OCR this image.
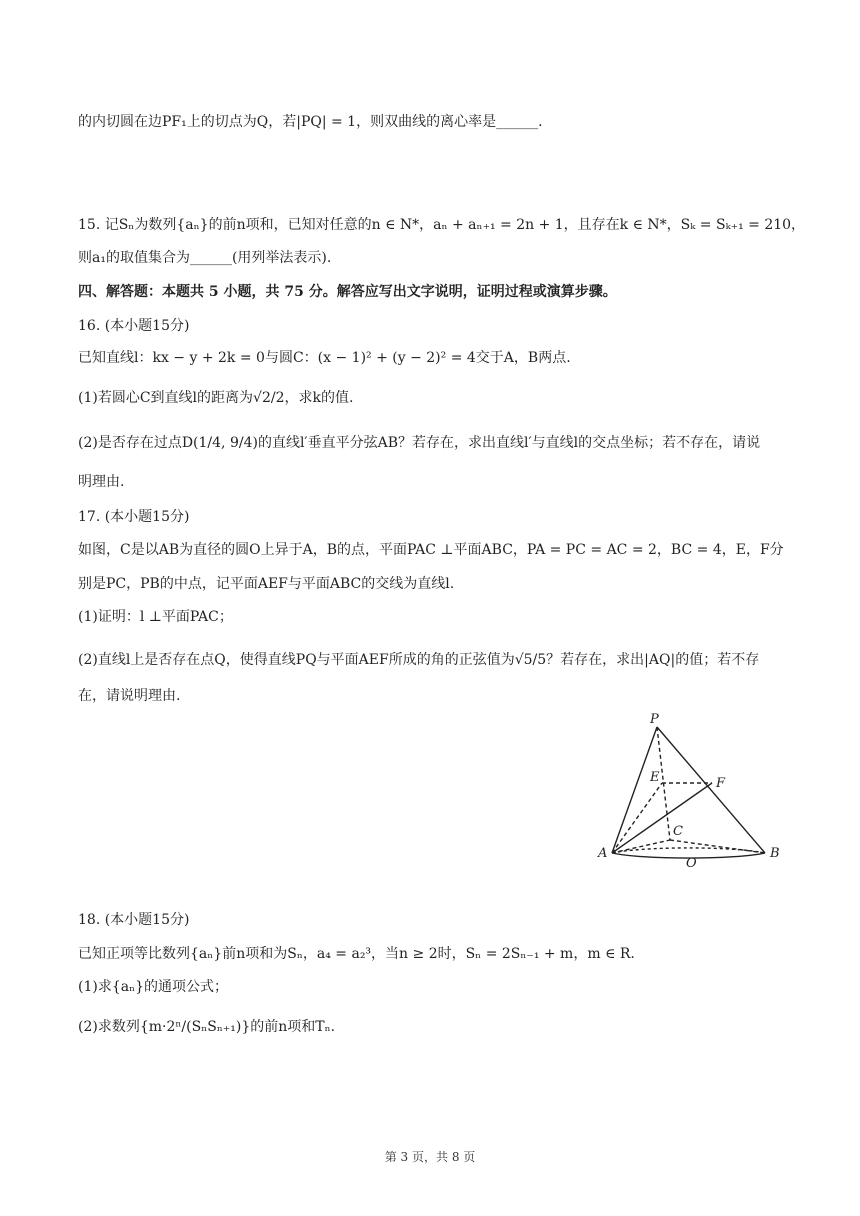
的内切圆在边PF₁上的切点为Q，若|PQ| = 1，则双曲线的离心率是______.
15. 记Sₙ为数列{aₙ}的前n项和，已知对任意的n ∈ N*，aₙ + aₙ₊₁ = 2n + 1，且存在k ∈ N*，Sₖ = Sₖ₊₁ = 210，
则a₁的取值集合为______(用列举法表示).
四、解答题：本题共 5 小题，共 75 分。解答应写出文字说明，证明过程或演算步骤。
16. (本小题15分)
已知直线l：kx − y + 2k = 0与圆C：(x − 1)² + (y − 2)² = 4交于A，B两点.
(1)若圆心C到直线l的距离为√2/2，求k的值.
(2)是否存在过点D(1/4, 9/4)的直线l′垂直平分弦AB？若存在，求出直线l′与直线l的交点坐标；若不存在，请说
明理由.
17. (本小题15分)
如图，C是以AB为直径的圆O上异于A，B的点，平面PAC ⊥平面ABC，PA = PC = AC = 2，BC = 4，E，F分
别是PC，PB的中点，记平面AEF与平面ABC的交线为直线l.
(1)证明：l ⊥平面PAC；
(2)直线l上是否存在点Q，使得直线PQ与平面AEF所成的角的正弦值为√5/5？若存在，求出|AQ|的值；若不存
在，请说明理由.
P
E	F
C
A
O
B
18. (本小题15分)
已知正项等比数列{aₙ}前n项和为Sₙ，a₄ = a₂³，当n ≥ 2时，Sₙ = 2Sₙ₋₁ + m，m ∈ R.
(1)求{aₙ}的通项公式；
(2)求数列{m·2ⁿ/(SₙSₙ₊₁)}的前n项和Tₙ.
第 3 页，共 8 页
